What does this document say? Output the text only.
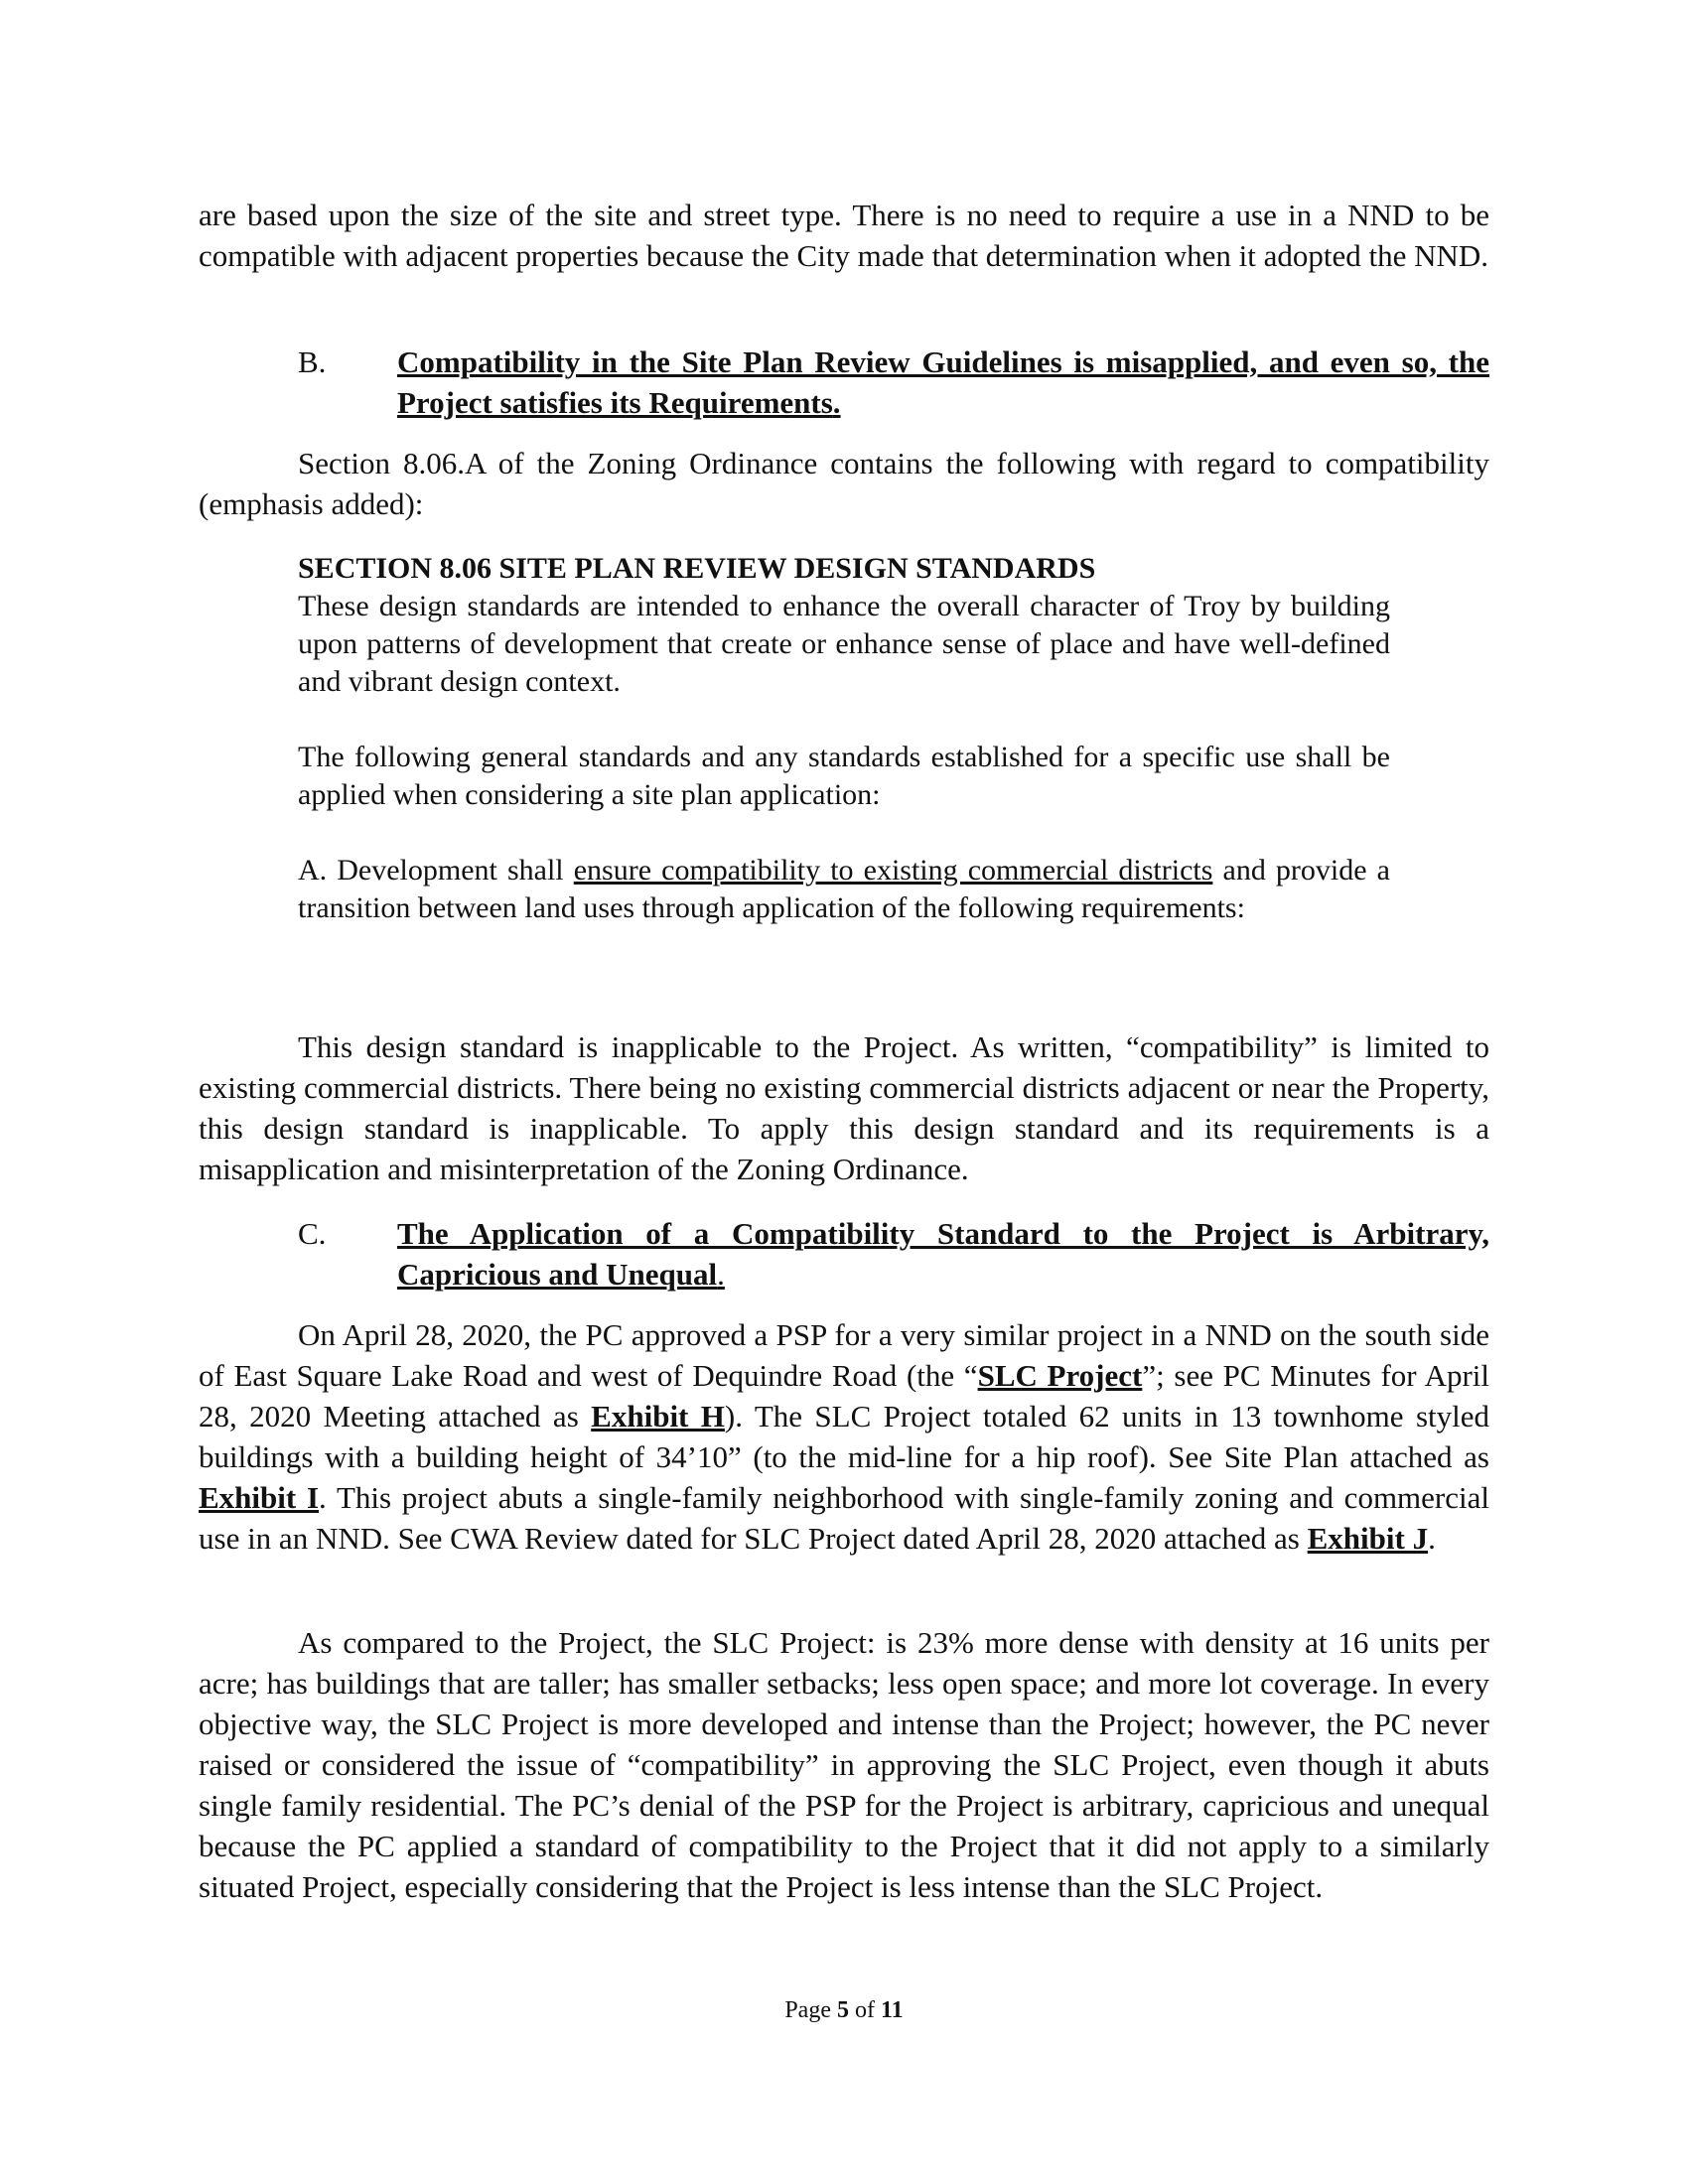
are based upon the size of the site and street type. There is no need to require a use in a NND to be compatible with adjacent properties because the City made that determination when it adopted the NND.

B. Compatibility in the Site Plan Review Guidelines is misapplied, and even so, the Project satisfies its Requirements.

Section 8.06.A of the Zoning Ordinance contains the following with regard to compatibility (emphasis added):

SECTION 8.06 SITE PLAN REVIEW DESIGN STANDARDS
These design standards are intended to enhance the overall character of Troy by building upon patterns of development that create or enhance sense of place and have well-defined and vibrant design context.
The following general standards and any standards established for a specific use shall be applied when considering a site plan application:
A. Development shall ensure compatibility to existing commercial districts and provide a transition between land uses through application of the following requirements:

This design standard is inapplicable to the Project. As written, “compatibility” is limited to existing commercial districts. There being no existing commercial districts adjacent or near the Property, this design standard is inapplicable. To apply this design standard and its requirements is a misapplication and misinterpretation of the Zoning Ordinance.

C. The Application of a Compatibility Standard to the Project is Arbitrary, Capricious and Unequal.

On April 28, 2020, the PC approved a PSP for a very similar project in a NND on the south side of East Square Lake Road and west of Dequindre Road (the “SLC Project”; see PC Minutes for April 28, 2020 Meeting attached as Exhibit H). The SLC Project totaled 62 units in 13 townhome styled buildings with a building height of 34’10” (to the mid-line for a hip roof). See Site Plan attached as Exhibit I. This project abuts a single-family neighborhood with single-family zoning and commercial use in an NND. See CWA Review dated for SLC Project dated April 28, 2020 attached as Exhibit J.

As compared to the Project, the SLC Project: is 23% more dense with density at 16 units per acre; has buildings that are taller; has smaller setbacks; less open space; and more lot coverage. In every objective way, the SLC Project is more developed and intense than the Project; however, the PC never raised or considered the issue of “compatibility” in approving the SLC Project, even though it abuts single family residential. The PC’s denial of the PSP for the Project is arbitrary, capricious and unequal because the PC applied a standard of compatibility to the Project that it did not apply to a similarly situated Project, especially considering that the Project is less intense than the SLC Project.

Page 5 of 11
